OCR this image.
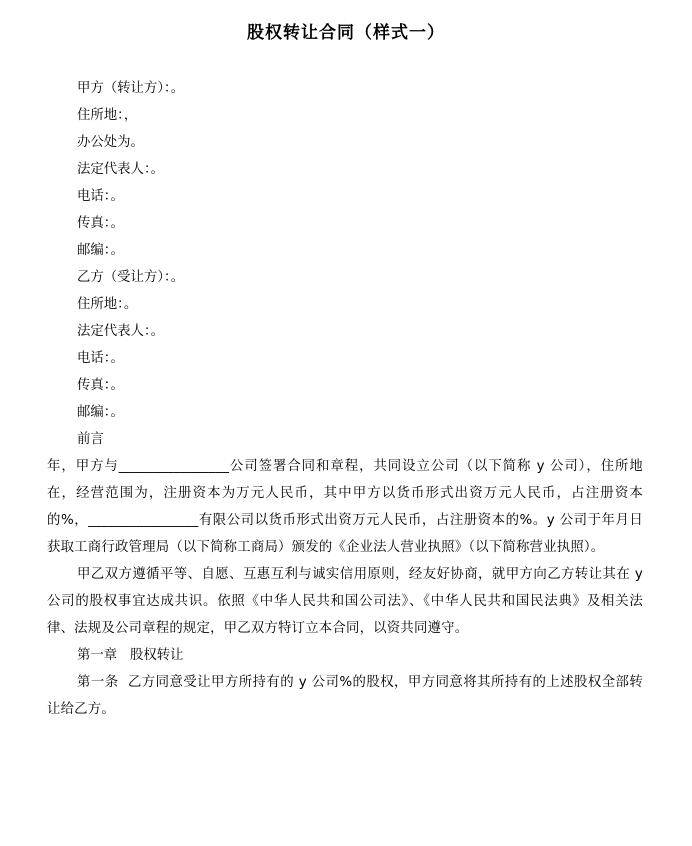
股权转让合同（样式一）
甲方（转让方）：。
住所地：，
办公处为。
法定代表人：。
电话：。
传真：。
邮编：。
乙方（受让方）：。
住所地：。
法定代表人：。
电话：。
传真：。
邮编：。
前言
年，甲方与________________公司签署合同和章程，共同设立公司（以下简称 y 公司），住所地在，经营范围为，注册资本为万元人民币，其中甲方以货币形式出资万元人民币，占注册资本的%，________________有限公司以货币形式出资万元人民币，占注册资本的%。y 公司于年月日获取工商行政管理局（以下简称工商局）颁发的《企业法人营业执照》（以下简称营业执照）。
甲乙双方遵循平等、自愿、互惠互利与诚实信用原则，经友好协商，就甲方向乙方转让其在 y 公司的股权事宜达成共识。依照《中华人民共和国公司法》、《中华人民共和国民法典》及相关法律、法规及公司章程的规定，甲乙双方特订立本合同，以资共同遵守。
第一章   股权转让
第一条  乙方同意受让甲方所持有的 y 公司%的股权，甲方同意将其所持有的上述股权全部转让给乙方。
